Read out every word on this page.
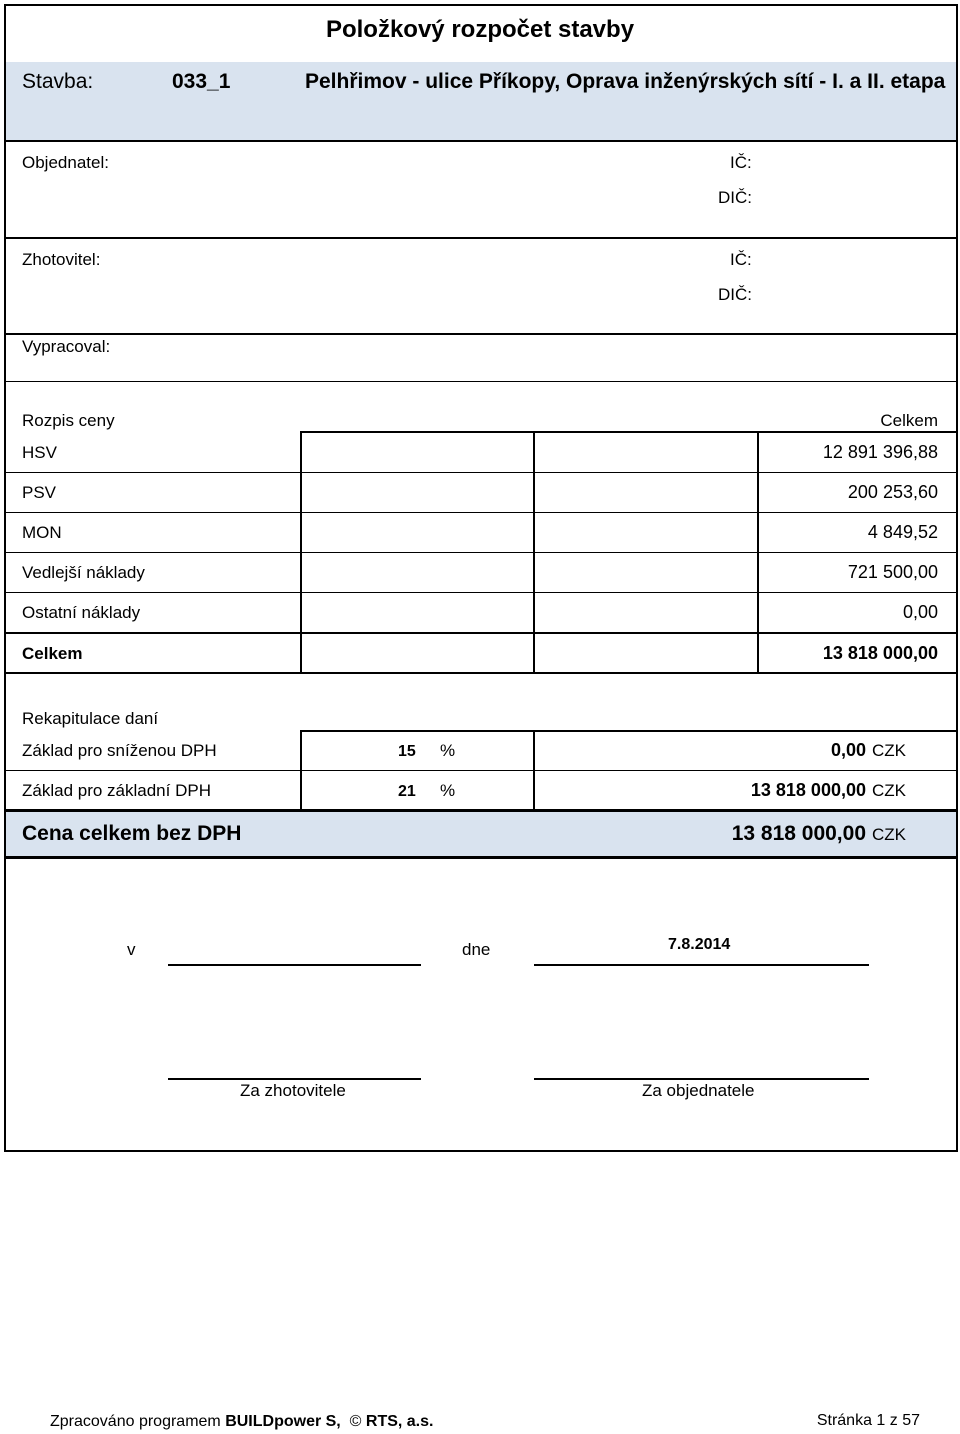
Položkový rozpočet stavby
Stavba:	033_1	Pelhřimov - ulice Příkopy, Oprava inženýrských sítí - I. a II. etapa
Objednatel:	IČ:
DIČ:
Zhotovitel:	IČ:
DIČ:
Vypracoval:
Rozpis ceny	Celkem
HSV	12 891 396,88
PSV	200 253,60
MON	4 849,52
Vedlejší náklady	721 500,00
Ostatní náklady	0,00
Celkem	13 818 000,00
Rekapitulace daní
Základ pro sníženou DPH	15 %	0,00 CZK
Základ pro základní DPH	21 %	13 818 000,00 CZK
Cena celkem bez DPH	13 818 000,00 CZK
v	dne	7.8.2014
Za zhotovitele	Za objednatele
Zpracováno programem BUILDpower S, © RTS, a.s.	Stránka 1 z 57
